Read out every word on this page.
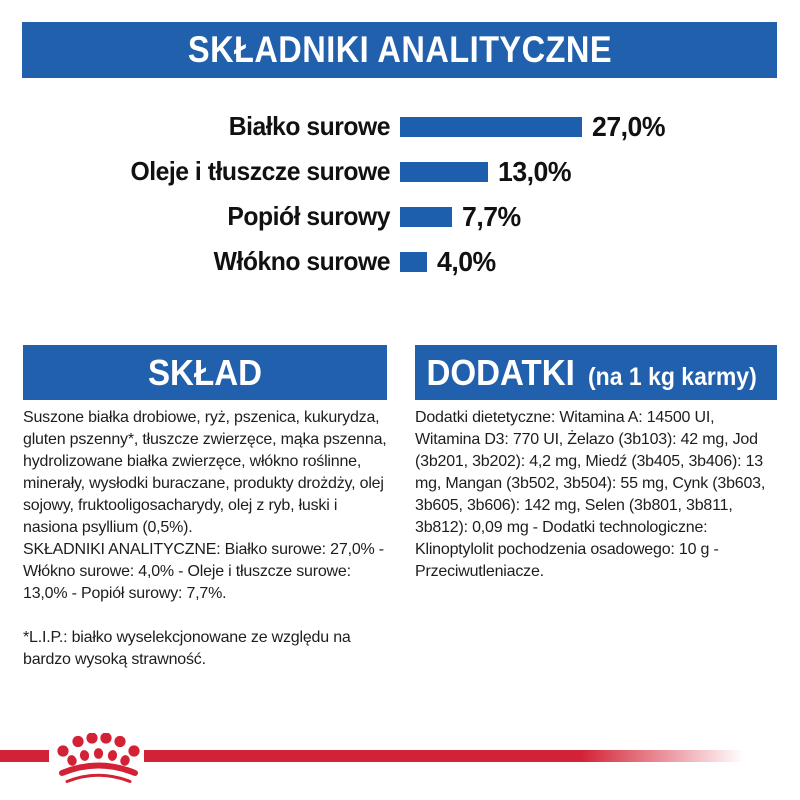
SKŁADNIKI ANALITYCZNE
Białko surowe	27,0%
Oleje i tłuszcze surowe	13,0%
Popiół surowy	7,7%
Włókno surowe 4,0%
SKŁAD	DODATKI (na 1 kg karmy)

Suszone białka drobiowe, ryż, pszenica, kukurydza, gluten pszenny*, tłuszcze zwierzęce, mąka pszenna, hydrolizowane białka zwierzęce, włókno roślinne, minerały, wysłodki buraczane, produkty drożdży, olej sojowy, fruktooligosacharydy, olej z ryb, łuski i nasiona psyllium (0,5%).

SKŁADNIKI ANALITYCZNE: Białko surowe: 27,0% - Włókno surowe: 4,0% - Oleje i tłuszcze surowe: 13,0% - Popiół surowy: 7,7%.

*L.I.P.: białko wyselekcjonowane ze względu na bardzo wysoką strawność.

Dodatki dietetyczne: Witamina A: 14500 UI, Witamina D3: 770 UI, Żelazo (3b103): 42 mg, Jod (3b201, 3b202): 4,2 mg, Miedź (3b405, 3b406): 13 mg, Mangan (3b502, 3b504): 55 mg, Cynk (3b603, 3b605, 3b606): 142 mg, Selen (3b801, 3b811, 3b812): 0,09 mg - Dodatki technologiczne: Klinoptylolit pochodzenia osadowego: 10 g - Przeciwutleniacze.
